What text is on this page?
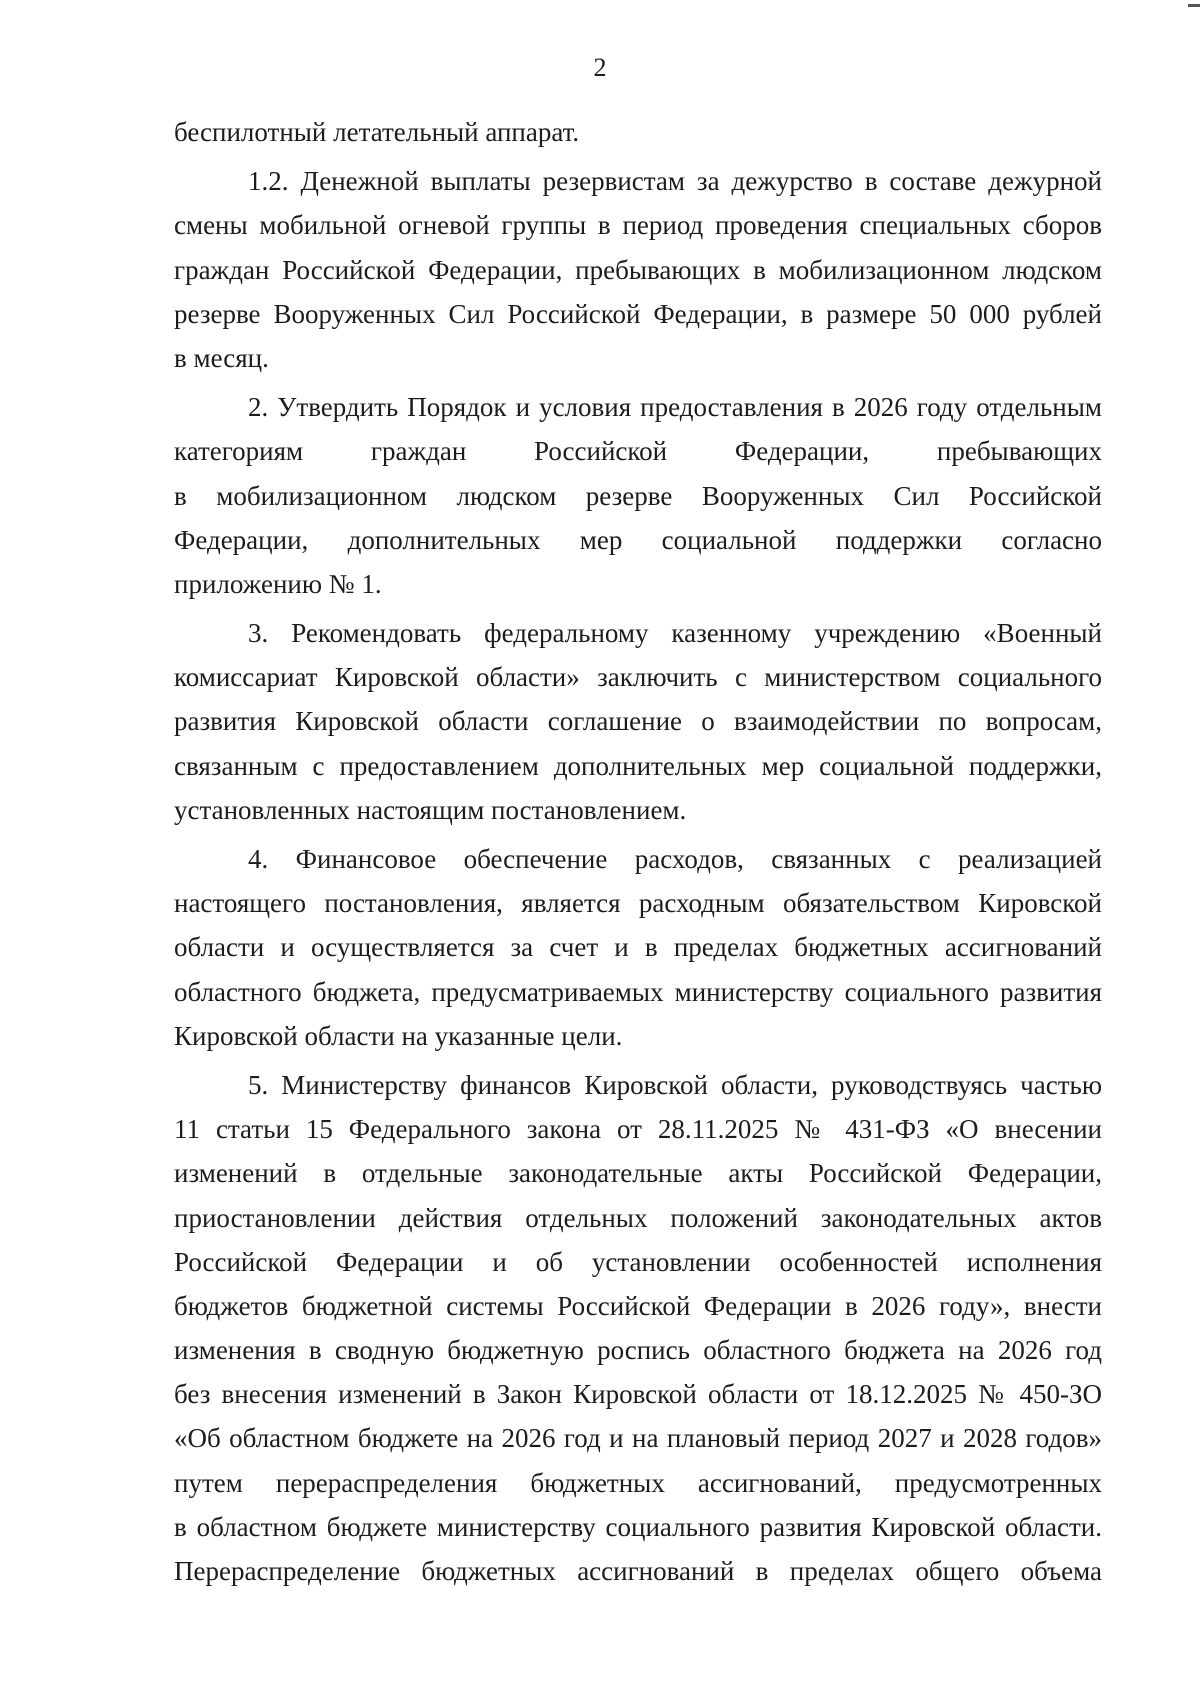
2
беспилотный летательный аппарат.
1.2. Денежной выплаты резервистам за дежурство в составе дежурной
смены мобильной огневой группы в период проведения специальных сборов
граждан Российской Федерации, пребывающих в мобилизационном людском
резерве Вооруженных Сил Российской Федерации, в размере 50 000 рублей
в месяц.
2. Утвердить Порядок и условия предоставления в 2026 году отдельным
категориям граждан Российской Федерации, пребывающих
в мобилизационном людском резерве Вооруженных Сил Российской
Федерации, дополнительных мер социальной поддержки согласно
приложению № 1.
3. Рекомендовать федеральному казенному учреждению «Военный
комиссариат Кировской области» заключить с министерством социального
развития Кировской области соглашение о взаимодействии по вопросам,
связанным с предоставлением дополнительных мер социальной поддержки,
установленных настоящим постановлением.
4. Финансовое обеспечение расходов, связанных с реализацией
настоящего постановления, является расходным обязательством Кировской
области и осуществляется за счет и в пределах бюджетных ассигнований
областного бюджета, предусматриваемых министерству социального развития
Кировской области на указанные цели.
5. Министерству финансов Кировской области, руководствуясь частью
11 статьи 15 Федерального закона от 28.11.2025 № 431-ФЗ «О внесении
изменений в отдельные законодательные акты Российской Федерации,
приостановлении действия отдельных положений законодательных актов
Российской Федерации и об установлении особенностей исполнения
бюджетов бюджетной системы Российской Федерации в 2026 году», внести
изменения в сводную бюджетную роспись областного бюджета на 2026 год
без внесения изменений в Закон Кировской области от 18.12.2025 № 450-ЗО
«Об областном бюджете на 2026 год и на плановый период 2027 и 2028 годов»
путем перераспределения бюджетных ассигнований, предусмотренных
в областном бюджете министерству социального развития Кировской области.
Перераспределение бюджетных ассигнований в пределах общего объема
